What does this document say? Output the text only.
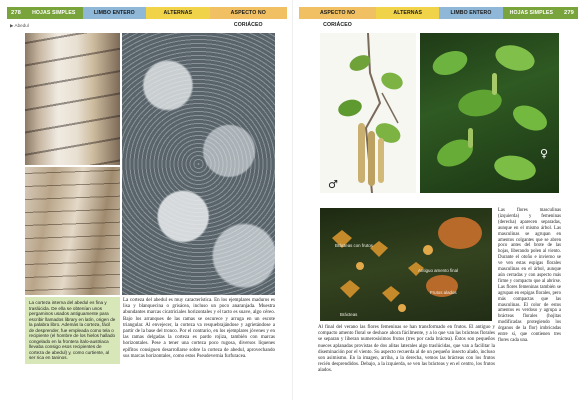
278	HOJAS SIMPLES	LIMBO ENTERO	ALTERNAS	ASPECTO NO CORIÁCEO
ASPECTO NO CORIÁCEO
ALTERNAS	LIMBO ENTERO	HOJAS SIMPLES	279
▶ Abedul
♂
♀
Brácteas con frutos
Antiguo amento final
Frutos alados
Brácteas
La corteza interna del abedul es fina y traslúcida. De ella se obtenían unos pergaminos usados antiguamente para escribir llamados library en latín, origen de la palabra libro. Además la corteza, fácil de desprender, fue empleada como tela o recipiente (el hombre de los hielos hallado congelado en la frontera ítalo-austriaca llevaba consigo esos recipientes de corteza de abedul) y, como curtiente, al ser rica en taninos.
La corteza del abedul es muy característica. En los ejemplares maduros es lisa y blanquecina o grisácea, incluso un poco anaranjada. Muestra abundantes marcas cicatriciales horizontales y el tacto es suave, algo céreo. Bajo los arranques de las ramas se oscurece y arruga en un escote triangular. Al envejecer, la corteza va resquebrajándose y agrietándose a partir de la base del tronco. Por el contrario, en los ejemplares jóvenes y en las ramas delgadas la corteza es pardo rojiza, también con marcas horizontales. Pese a tener una corteza poco rugosa, diversos líquenes epífitos consiguen desarrollarse sobre la corteza de abedul, aprovechando sus marcas horizontales, como estos Pseudevernia furfuracea.
Las flores masculinas (izquierda) y femeninas (derecha) aparecen separadas, aunque en el mismo árbol. Las masculinas se agrupan en amentos colgantes que se abren poco antes del brote de las hojas, liberando polen al viento. Durante el otoño e invierno se ve ven estas espigas florales masculinas en el árbol, aunque aún cerradas y con aspecto más firme y compacto que al abrirse. Las flores femeninas también se agrupan en espigas florales, pero más compactas que las masculinas. El color de estos amentos es verdoso y agrupa a brácteas florales (hojitas modificadas protegiendo los órganos de la flor) imbricadas entre sí, que contienen tres flores cada una.
Al final del verano las flores femeninas se han transformado en frutos. El antiguo y compacto amento floral se deshace ahora fácilmente, y a lo que van las brácteas florales se separan y liberan numerosísimos frutos (tres por cada bráctea). Éstos son pequeños nueces aplanadas provistas de dos alitas laterales algo traslúcidas, que van a facilitar la diseminación por el viento. Su aspecto recuerda al de un pequeño insecto alado, incluso son asimismo. En la imagen, arriba, a la derecha, vemos las brácteas con los frutos recién desprendidos. Debajo, a la izquierda, se ven las brácteas y en el centro, los frutos alados.
